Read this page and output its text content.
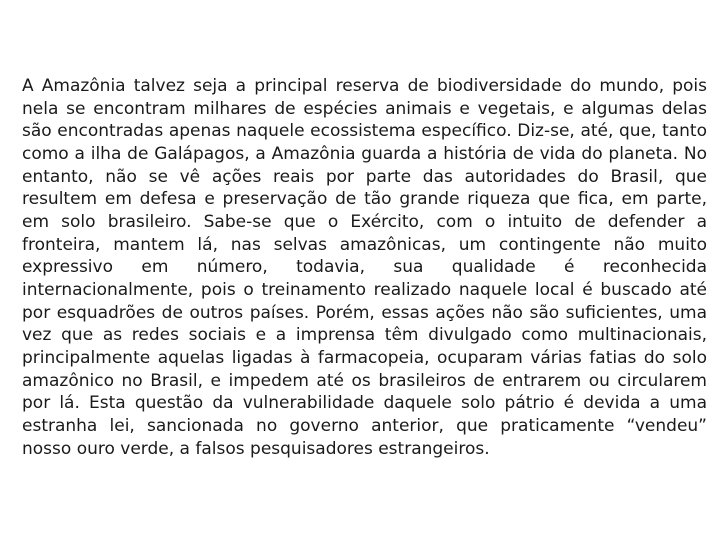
A Amazônia talvez seja a principal reserva de biodiversidade do mundo, pois nela se encontram milhares de espécies animais e vegetais, e algumas delas são encontradas apenas naquele ecossistema específico. Diz-se, até, que, tanto como a ilha de Galápagos, a Amazônia guarda a história de vida do planeta. No entanto, não se vê ações reais por parte das autoridades do Brasil, que resultem em defesa e preservação de tão grande riqueza que fica, em parte, em solo brasileiro. Sabe-se que o Exército, com o intuito de defender a fronteira, mantem lá, nas selvas amazônicas, um contingente não muito expressivo em número, todavia, sua qualidade é reconhecida internacionalmente, pois o treinamento realizado naquele local é buscado até por esquadrões de outros países. Porém, essas ações não são suficientes, uma vez que as redes sociais e a imprensa têm divulgado como multinacionais, principalmente aquelas ligadas à farmacopeia, ocuparam várias fatias do solo amazônico no Brasil, e impedem até os brasileiros de entrarem ou circularem por lá. Esta questão da vulnerabilidade daquele solo pátrio é devida a uma estranha lei, sancionada no governo anterior, que praticamente “vendeu” nosso ouro verde, a falsos pesquisadores estrangeiros.
